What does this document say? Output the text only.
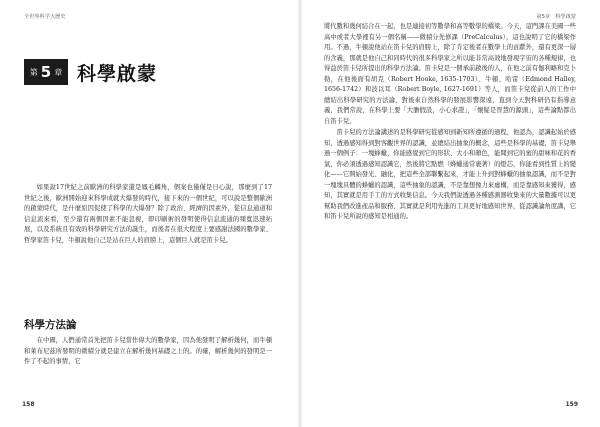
全世界科学大歷史
第 5 章 科學啟蒙

如果說17世紀之前歐洲的科學家還是鳳毛麟角，個案也僅僅是日心說，那麼到了17世紀之後，歐洲開始迎來科學成就大爆發的時代，接下來的一個世紀，可以說是整個歐洲的啟蒙時代，是什麼原因促使了科學的大爆發？除了政治、經濟的因素外，從信息通道和信息流來看，至少還有兩個因素不能忽視，即印刷術的發明使得信息流通的頻寬迅速拓展，以及系統且有效的科學研究方法的誕生，而後者在很大程度上要感謝法國的數學家、哲學家笛卡兒，牛頓說他自己是站在巨人的肩膀上，這個巨人就是笛卡兒。

科學方法論

在中國，人們通常首先把笛卡兒當作偉大的數學家，因為他發明了解析幾何，而牛頓和萊布尼茲所發明的微積分就是建立在解析幾何基礎之上的。的確，解析幾何的發明是一件了不起的事情，它

158
第5章　科學啟蒙

將代數和幾何結合在一起，也是連接初等數學和高等數學的橋梁。今天，這門課在美國一些高中或者大學裡有另一個名稱——微積分先修課（PreCalculus），這也說明了它的橋梁作用。不過，牛頓說他站在笛卡兒的肩膀上，除了肯定後者在數學上的貢獻外，還有更深一層的含義，那就是他自己和同時代的很多科學家之所以能非常高效地發現宇宙的各種規律，也得益於笛卡兒所提出的科學方法論。笛卡兒是一個承前啟後的人，在他之前有伽利略和克卜勒，在他後面有胡克（Robert Hooke, 1635-1703）、牛頓、哈雷（Edmond Halley, 1656-1742）和波以耳（Robert Boyle, 1627-1691）等人，而笛卡兒從前人的工作中總結出科學研究的方法論，對後來自然科學的發展影響深遠，直到今天對科研仍有指導意義，我們常說，在科學上要「大膽假設，小心求證」，「懷疑是智慧的源頭」，這些論點都出自笛卡兒。

笛卡兒的方法論講述的是科學研究從感知到新知所遵循的過程，他認為，認識起始於感知，透過感知得到對客觀世界的認識，並總結出抽象的概念，這些是科學的基礎，笛卡兒舉過一個例子：一塊蜂蠟，你能感覺到它的形狀、大小和顏色，能聞到它的蜜的甜味和花的香氣，你必須透過感知認識它，然後將它點燃（蜂蠟通常裹著）的燈芯，你能看到性質上的變化——它開始發光、融化，把這些全部聯繫起來，才能上升到對蜂蠟的抽象認識，而不是對一塊塊具體的蜂蠟的認識，這些抽象的認識，不是靠想像力來虛構，而是靠感知來獲得，感知，其實就是用手工的方式收集信息。今天我們說透過各種感測器收集來的大量數據可以更幫助我們改進產品和服務，其實就是利用先進的工具更好地感知世界，從認識論角度講，它和笛卡兒所說的感知是相通的。

159
